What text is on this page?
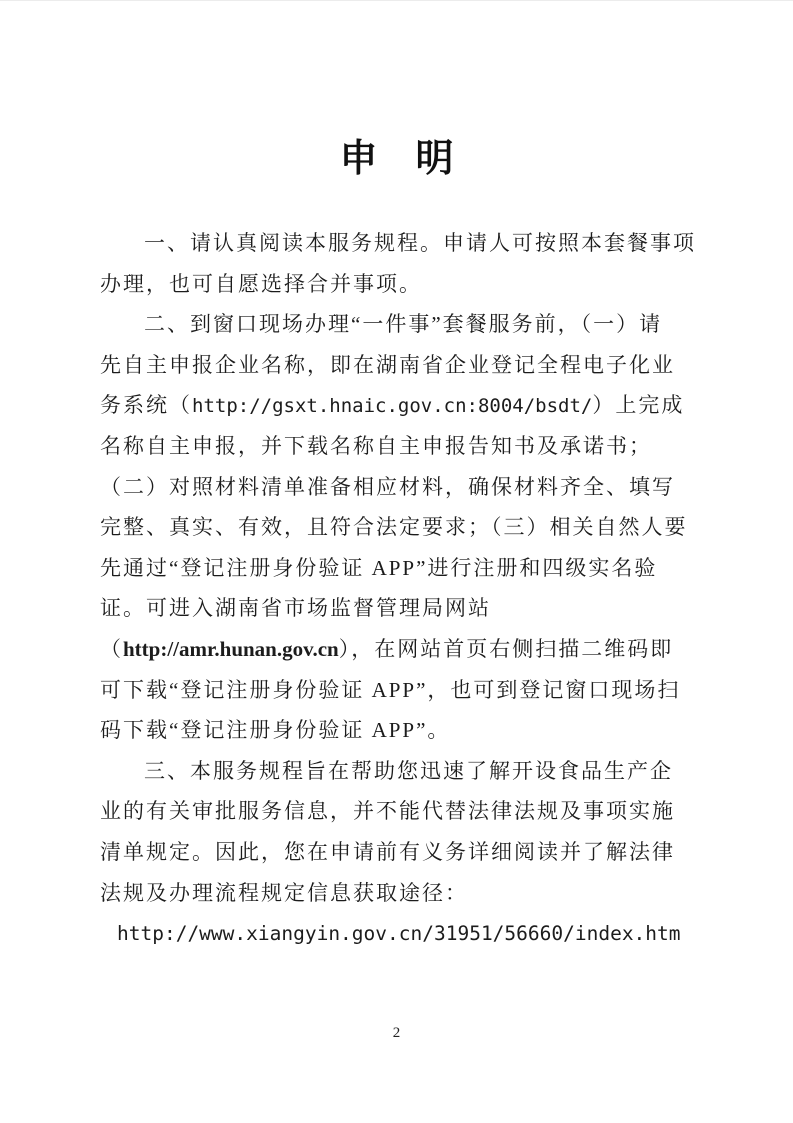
申　明
一、请认真阅读本服务规程。申请人可按照本套餐事项
办理，也可自愿选择合并事项。
二、到窗口现场办理“一件事”套餐服务前，（一）请
先自主申报企业名称，即在湖南省企业登记全程电子化业
务系统（http://gsxt.hnaic.gov.cn:8004/bsdt/）上完成
名称自主申报，并下载名称自主申报告知书及承诺书；
（二）对照材料清单准备相应材料，确保材料齐全、填写
完整、真实、有效，且符合法定要求；（三）相关自然人要
先通过“登记注册身份验证 APP”进行注册和四级实名验
证。可进入湖南省市场监督管理局网站
（http://amr.hunan.gov.cn），在网站首页右侧扫描二维码即
可下载“登记注册身份验证 APP”，也可到登记窗口现场扫
码下载“登记注册身份验证 APP”。
三、本服务规程旨在帮助您迅速了解开设食品生产企
业的有关审批服务信息，并不能代替法律法规及事项实施
清单规定。因此，您在申请前有义务详细阅读并了解法律
法规及办理流程规定信息获取途径：
http://www.xiangyin.gov.cn/31951/56660/index.htm
2
